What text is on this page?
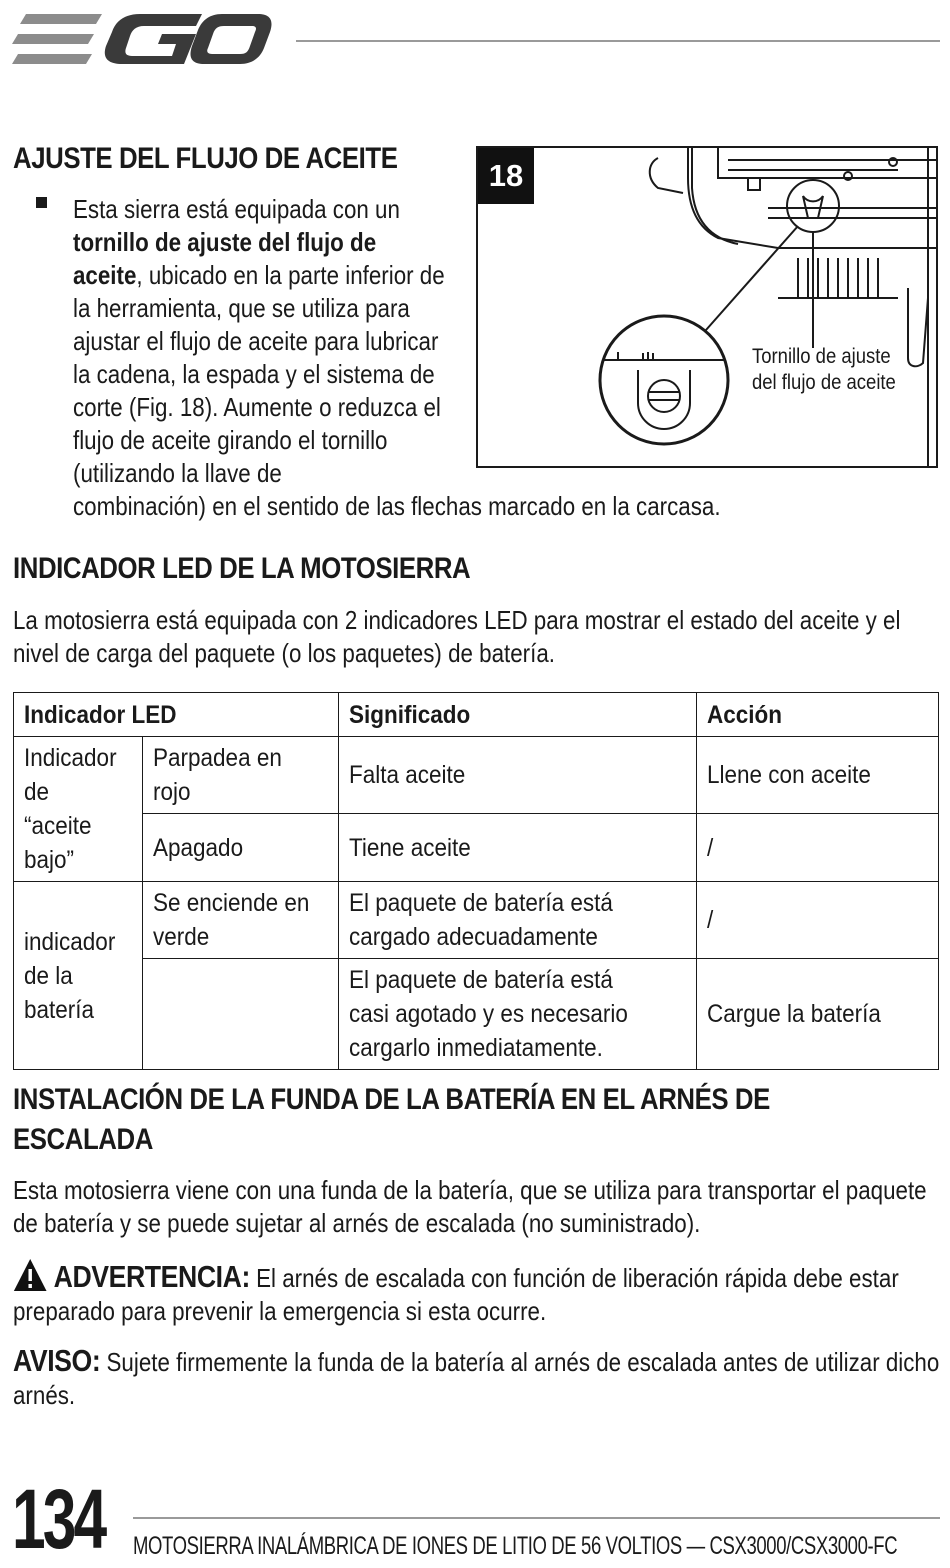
AJUSTE DEL FLUJO DE ACEITE
Esta sierra está equipada con un tornillo de ajuste del flujo de aceite, ubicado en la parte inferior de la herramienta, que se utiliza para ajustar el flujo de aceite para lubricar la cadena, la espada y el sistema de corte (Fig. 18). Aumente o reduzca el flujo de aceite girando el tornillo (utilizando la llave de
combinación) en el sentido de las flechas marcado en la carcasa.
18
Tornillo de ajuste
del flujo de aceite
INDICADOR LED DE LA MOTOSIERRA
La motosierra está equipada con 2 indicadores LED para mostrar el estado del aceite y el nivel de carga del paquete (o los paquetes) de batería.
Indicador LED		Significado	Acción
Indicador de “aceite bajo”	Parpadea en rojo	Falta aceite	Llene con aceite
	Apagado	Tiene aceite	/
indicador de la batería	Se enciende en verde	El paquete de batería está cargado adecuadamente	/
		El paquete de batería está casi agotado y es necesario cargarlo inmediatamente.	Cargue la batería
INSTALACIÓN DE LA FUNDA DE LA BATERÍA EN EL ARNÉS DE
ESCALADA
Esta motosierra viene con una funda de la batería, que se utiliza para transportar el paquete de batería y se puede sujetar al arnés de escalada (no suministrado).
ADVERTENCIA: El arnés de escalada con función de liberación rápida debe estar preparado para prevenir la emergencia si esta ocurre.
AVISO: Sujete firmemente la funda de la batería al arnés de escalada antes de utilizar dicho arnés.
134 MOTOSIERRA INALÁMBRICA DE IONES DE LITIO DE 56 VOLTIOS — CSX3000/CSX3000-FC
